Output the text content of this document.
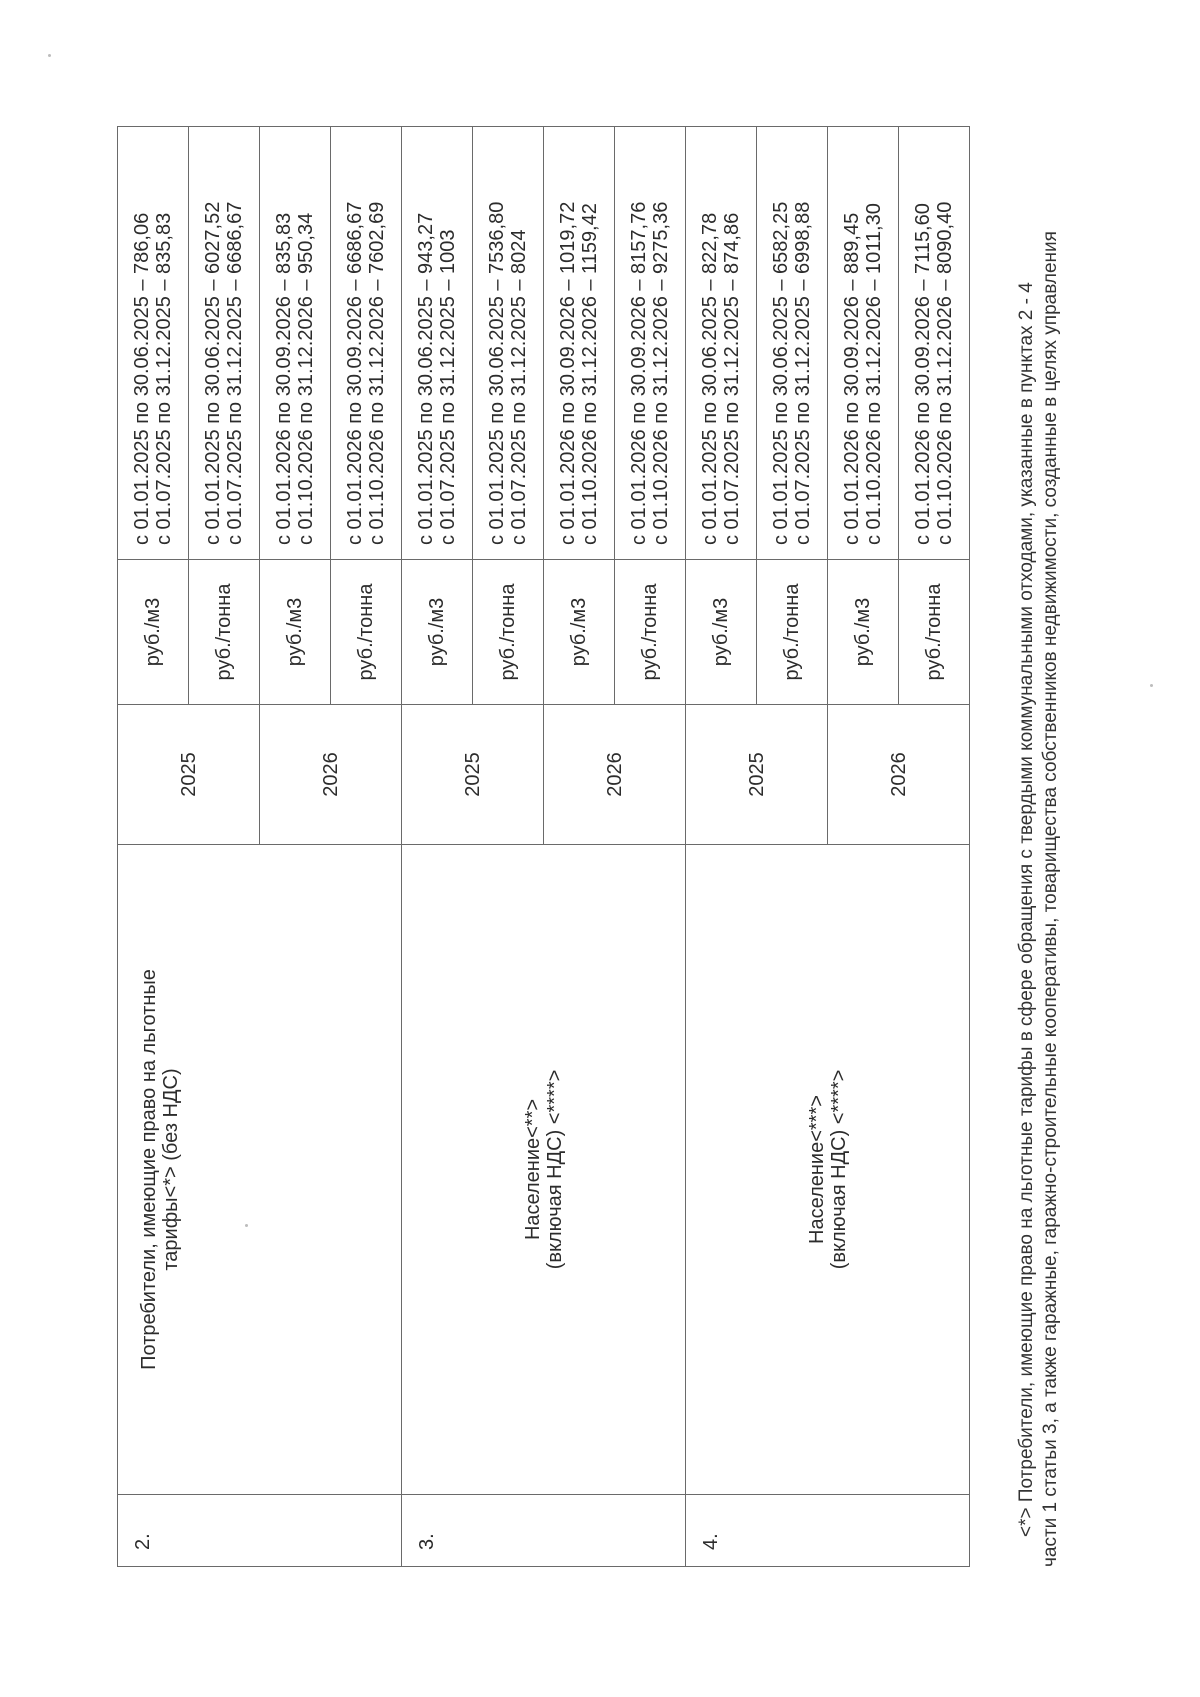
2.	Потребители, имеющие право на льготные тарифы<*> (без НДС)	2025	руб./м3	с 01.01.2025 по 30.06.2025 – 786,06 с 01.07.2025 по 31.12.2025 – 835,83

			руб./тонна	с 01.01.2025 по 30.06.2025 – 6027,52 с 01.07.2025 по 31.12.2025 – 6686,67

		2026	руб./м3	с 01.01.2026 по 30.09.2026 – 835,83 с 01.10.2026 по 31.12.2026 – 950,34

			руб./тонна	с 01.01.2026 по 30.09.2026 – 6686,67 с 01.10.2026 по 31.12.2026 – 7602,69

3.	Население<**> (включая НДС) <****>	2025	руб./м3	с 01.01.2025 по 30.06.2025 – 943,27 с 01.07.2025 по 31.12.2025 – 1003

			руб./тонна	с 01.01.2025 по 30.06.2025 – 7536,80 с 01.07.2025 по 31.12.2025 – 8024

		2026	руб./м3	с 01.01.2026 по 30.09.2026 – 1019,72 с 01.10.2026 по 31.12.2026 – 1159,42

			руб./тонна	с 01.01.2026 по 30.09.2026 – 8157,76 с 01.10.2026 по 31.12.2026 – 9275,36

4.	Население<***> (включая НДС) <****>	2025	руб./м3	с 01.01.2025 по 30.06.2025 – 822,78 с 01.07.2025 по 31.12.2025 – 874,86

			руб./тонна	с 01.01.2025 по 30.06.2025 – 6582,25 с 01.07.2025 по 31.12.2025 – 6998,88

		2026	руб./м3	с 01.01.2026 по 30.09.2026 – 889,45 с 01.10.2026 по 31.12.2026 – 1011,30

			руб./тонна	с 01.01.2026 по 30.09.2026 – 7115,60 с 01.10.2026 по 31.12.2026 – 8090,40	<*> Потребители, имеющие право на льготные тарифы в сфере обращения с твердыми коммунальными отходами, указанные в пунктах 2 - 4 части 1 статьи 3, а также гаражные, гаражно-строительные кооперативы, товарищества собственников недвижимости, созданные в целях управления
